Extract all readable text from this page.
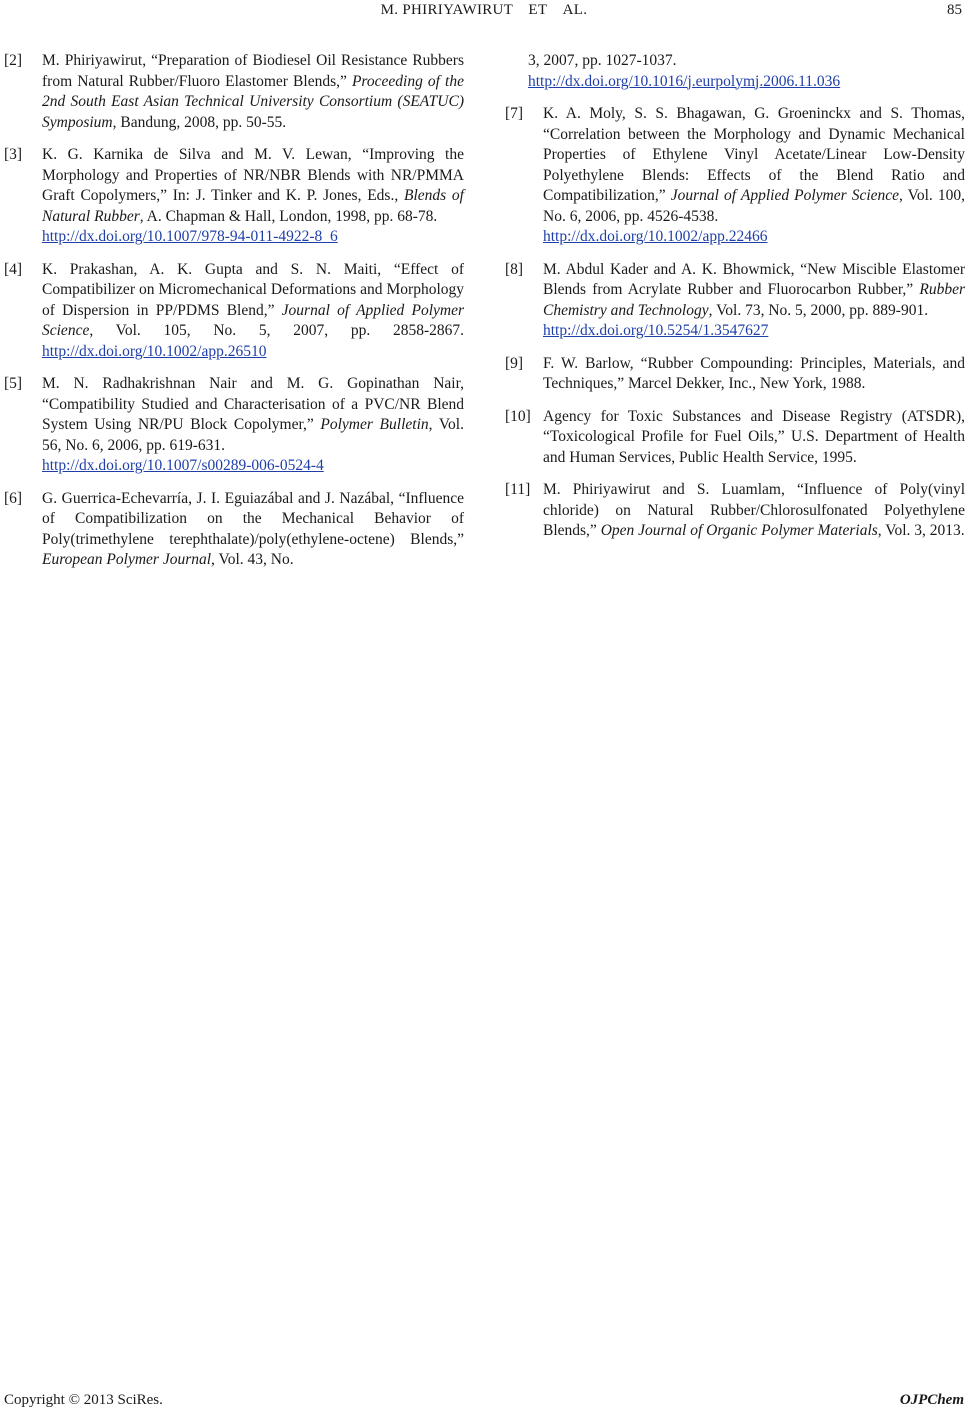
M. PHIRIYAWIRUT ET AL.	85
[2]	M. Phiriyawirut, “Preparation of Biodiesel Oil Resistance Rubbers from Natural Rubber/Fluoro Elastomer Blends,” Proceeding of the 2nd South East Asian Technical University Consortium (SEATUC) Symposium, Bandung, 2008, pp. 50-55.
[3]	K. G. Karnika de Silva and M. V. Lewan, “Improving the Morphology and Properties of NR/NBR Blends with NR/PMMA Graft Copolymers,” In: J. Tinker and K. P. Jones, Eds., Blends of Natural Rubber, A. Chapman & Hall, London, 1998, pp. 68-78.
http://dx.doi.org/10.1007/978-94-011-4922-8_6
[4]	K. Prakashan, A. K. Gupta and S. N. Maiti, “Effect of Compatibilizer on Micromechanical Deformations and Morphology of Dispersion in PP/PDMS Blend,” Journal of Applied Polymer Science, Vol. 105, No. 5, 2007, pp. 2858-2867. http://dx.doi.org/10.1002/app.26510
[5]	M. N. Radhakrishnan Nair and M. G. Gopinathan Nair, “Compatibility Studied and Characterisation of a PVC/NR Blend System Using NR/PU Block Copolymer,” Polymer Bulletin, Vol. 56, No. 6, 2006, pp. 619-631.
http://dx.doi.org/10.1007/s00289-006-0524-4
[6]	G. Guerrica-Echevarría, J. I. Eguiazábal and J. Nazábal, “Influence of Compatibilization on the Mechanical Behavior of Poly(trimethylene terephthalate)/poly(ethylene-octene) Blends,” European Polymer Journal, Vol. 43, No.
3, 2007, pp. 1027-1037.
http://dx.doi.org/10.1016/j.eurpolymj.2006.11.036
[7]	K. A. Moly, S. S. Bhagawan, G. Groeninckx and S. Thomas, “Correlation between the Morphology and Dynamic Mechanical Properties of Ethylene Vinyl Acetate/Linear Low-Density Polyethylene Blends: Effects of the Blend Ratio and Compatibilization,” Journal of Applied Polymer Science, Vol. 100, No. 6, 2006, pp. 4526-4538.
http://dx.doi.org/10.1002/app.22466
[8]	M. Abdul Kader and A. K. Bhowmick, “New Miscible Elastomer Blends from Acrylate Rubber and Fluorocarbon Rubber,” Rubber Chemistry and Technology, Vol. 73, No. 5, 2000, pp. 889-901.
http://dx.doi.org/10.5254/1.3547627
[9]	F. W. Barlow, “Rubber Compounding: Principles, Materials, and Techniques,” Marcel Dekker, Inc., New York, 1988.
[10] Agency for Toxic Substances and Disease Registry (ATSDR), “Toxicological Profile for Fuel Oils,” U.S. Department of Health and Human Services, Public Health Service, 1995.
[11] M. Phiriyawirut and S. Luamlam, “Influence of Poly(vinyl chloride) on Natural Rubber/Chlorosulfonated Polyethylene Blends,” Open Journal of Organic Polymer Materials, Vol. 3, 2013.
Copyright © 2013 SciRes.	OJPChem
